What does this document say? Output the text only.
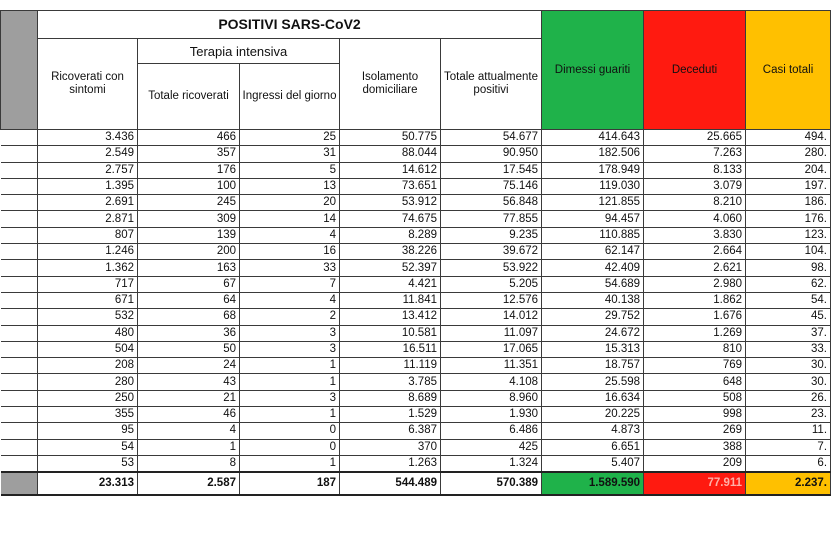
	POSITIVI SARS-CoV2					Dimessi guariti	Deceduti	Casi totali
	Ricoverati con sintomi	Terapia intensiva		Isolamento domiciliare	Totale attualmente positivi			
		Totale ricoverati	Ingressi del giorno					
	3.436	466	25	50.775	54.677	414.643	25.665	494.
	2.549	357	31	88.044	90.950	182.506	7.263	280.
	2.757	176	5	14.612	17.545	178.949	8.133	204.
	1.395	100	13	73.651	75.146	119.030	3.079	197.
	2.691	245	20	53.912	56.848	121.855	8.210	186.
	2.871	309	14	74.675	77.855	94.457	4.060	176.
	807	139	4	8.289	9.235	110.885	3.830	123.
	1.246	200	16	38.226	39.672	62.147	2.664	104.
	1.362	163	33	52.397	53.922	42.409	2.621	98.
	717	67	7	4.421	5.205	54.689	2.980	62.
	671	64	4	11.841	12.576	40.138	1.862	54.
	532	68	2	13.412	14.012	29.752	1.676	45.
	480	36	3	10.581	11.097	24.672	1.269	37.
	504	50	3	16.511	17.065	15.313	810	33.
	208	24	1	11.119	11.351	18.757	769	30.
	280	43	1	3.785	4.108	25.598	648	30.
	250	21	3	8.689	8.960	16.634	508	26.
	355	46	1	1.529	1.930	20.225	998	23.
	95	4	0	6.387	6.486	4.873	269	11.
	54	1	0	370	425	6.651	388	7.
	53	8	1	1.263	1.324	5.407	209	6.
	23.313	2.587	187	544.489	570.389	1.589.590	77.911	2.237.
